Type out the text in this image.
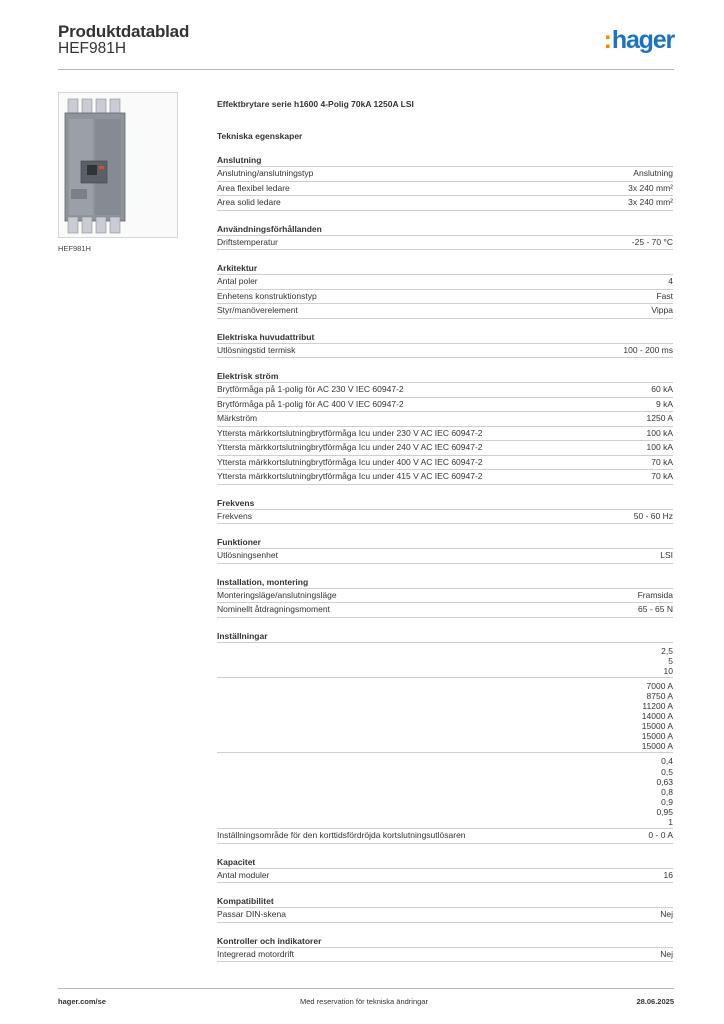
Produktdatablad
HEF981H	:hager
HEF981H
Effektbrytare serie h1600 4-Polig 70kA 1250A LSI
Tekniska egenskaper
Anslutning
Anslutning/anslutningstyp	Anslutning
Area flexibel ledare	3x 240 mm²
Area solid ledare	3x 240 mm²
Användningsförhållanden
Driftstemperatur	-25 - 70 °C
Arkitektur
Antal poler	4
Enhetens konstruktionstyp	Fast
Styr/manöverelement	Vippa
Elektriska huvudattribut
Utlösningstid termisk	100 - 200 ms
Elektrisk ström
Brytförmåga på 1-polig för AC 230 V IEC 60947-2	60 kA
Brytförmåga på 1-polig för AC 400 V IEC 60947-2	9 kA
Märkström	1250 A
Yttersta märkkortslutningbrytförmåga Icu under 230 V AC IEC 60947-2	100 kA
Yttersta märkkortslutningbrytförmåga Icu under 240 V AC IEC 60947-2	100 kA
Yttersta märkkortslutningbrytförmåga Icu under 400 V AC IEC 60947-2	70 kA
Yttersta märkkortslutningbrytförmåga Icu under 415 V AC IEC 60947-2	70 kA
Frekvens
Frekvens	50 - 60 Hz
Funktioner
Utlösningsenhet	LSI
Installation, montering
Monteringsläge/anslutningsläge	Framsida
Nominellt åtdragningsmoment	65 - 65 N
Inställningar
2,5
5
10
7000 A
8750 A
11200 A
14000 A
15000 A
15000 A
15000 A
0,4
0,5
0,63
0,8
0,9
0,95
1
Inställningsområde för den korttidsfördröjda kortslutningsutlösaren	0 - 0 A
Kapacitet
Antal moduler	16
Kompatibilitet
Passar DIN-skena	Nej
Kontroller och indikatorer
Integrerad motordrift	Nej
hager.com/se	Med reservation för tekniska ändringar	28.06.2025
